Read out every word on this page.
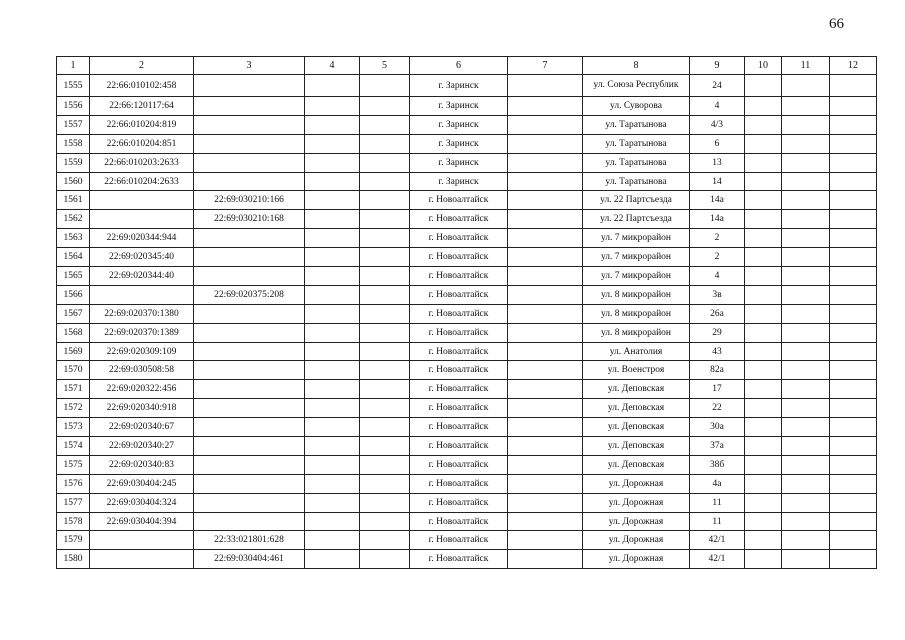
66
1	2	3	4	5	6	7	8	9	10	11	12
1555	22:66:010102:458				г. Заринск		ул. Союза Республик	24			
1556	22:66:120117:64				г. Заринск		ул. Суворова	4			
1557	22:66:010204:819				г. Заринск		ул. Таратынова	4/3			
1558	22:66:010204:851				г. Заринск		ул. Таратынова	6			
1559	22:66:010203:2633				г. Заринск		ул. Таратынова	13			
1560	22:66:010204:2633				г. Заринск		ул. Таратынова	14			
1561		22:69:030210:166			г. Новоалтайск		ул. 22 Партсъезда	14а			
1562		22:69:030210:168			г. Новоалтайск		ул. 22 Партсъезда	14а			
1563	22:69:020344:944				г. Новоалтайск		ул. 7 микрорайон	2			
1564	22:69:020345:40				г. Новоалтайск		ул. 7 микрорайон	2			
1565	22:69:020344:40				г. Новоалтайск		ул. 7 микрорайон	4			
1566		22:69:020375:208			г. Новоалтайск		ул. 8 микрорайон	3в			
1567	22:69:020370:1380				г. Новоалтайск		ул. 8 микрорайон	26а			
1568	22:69:020370:1389				г. Новоалтайск		ул. 8 микрорайон	29			
1569	22:69:020309:109				г. Новоалтайск		ул. Анатолия	43			
1570	22:69:030508:58				г. Новоалтайск		ул. Военстроя	82а			
1571	22:69:020322:456				г. Новоалтайск		ул. Деповская	17			
1572	22:69:020340:918				г. Новоалтайск		ул. Деповская	22			
1573	22:69:020340:67				г. Новоалтайск		ул. Деповская	30а			
1574	22:69:020340:27				г. Новоалтайск		ул. Деповская	37а			
1575	22:69:020340:83				г. Новоалтайск		ул. Деповская	38б			
1576	22:69:030404:245				г. Новоалтайск		ул. Дорожная	4а			
1577	22:69:030404:324				г. Новоалтайск		ул. Дорожная	11			
1578	22:69:030404:394				г. Новоалтайск		ул. Дорожная	11			
1579		22:33:021801:628			г. Новоалтайск		ул. Дорожная	42/1			
1580		22:69:030404:461			г. Новоалтайск		ул. Дорожная	42/1			
